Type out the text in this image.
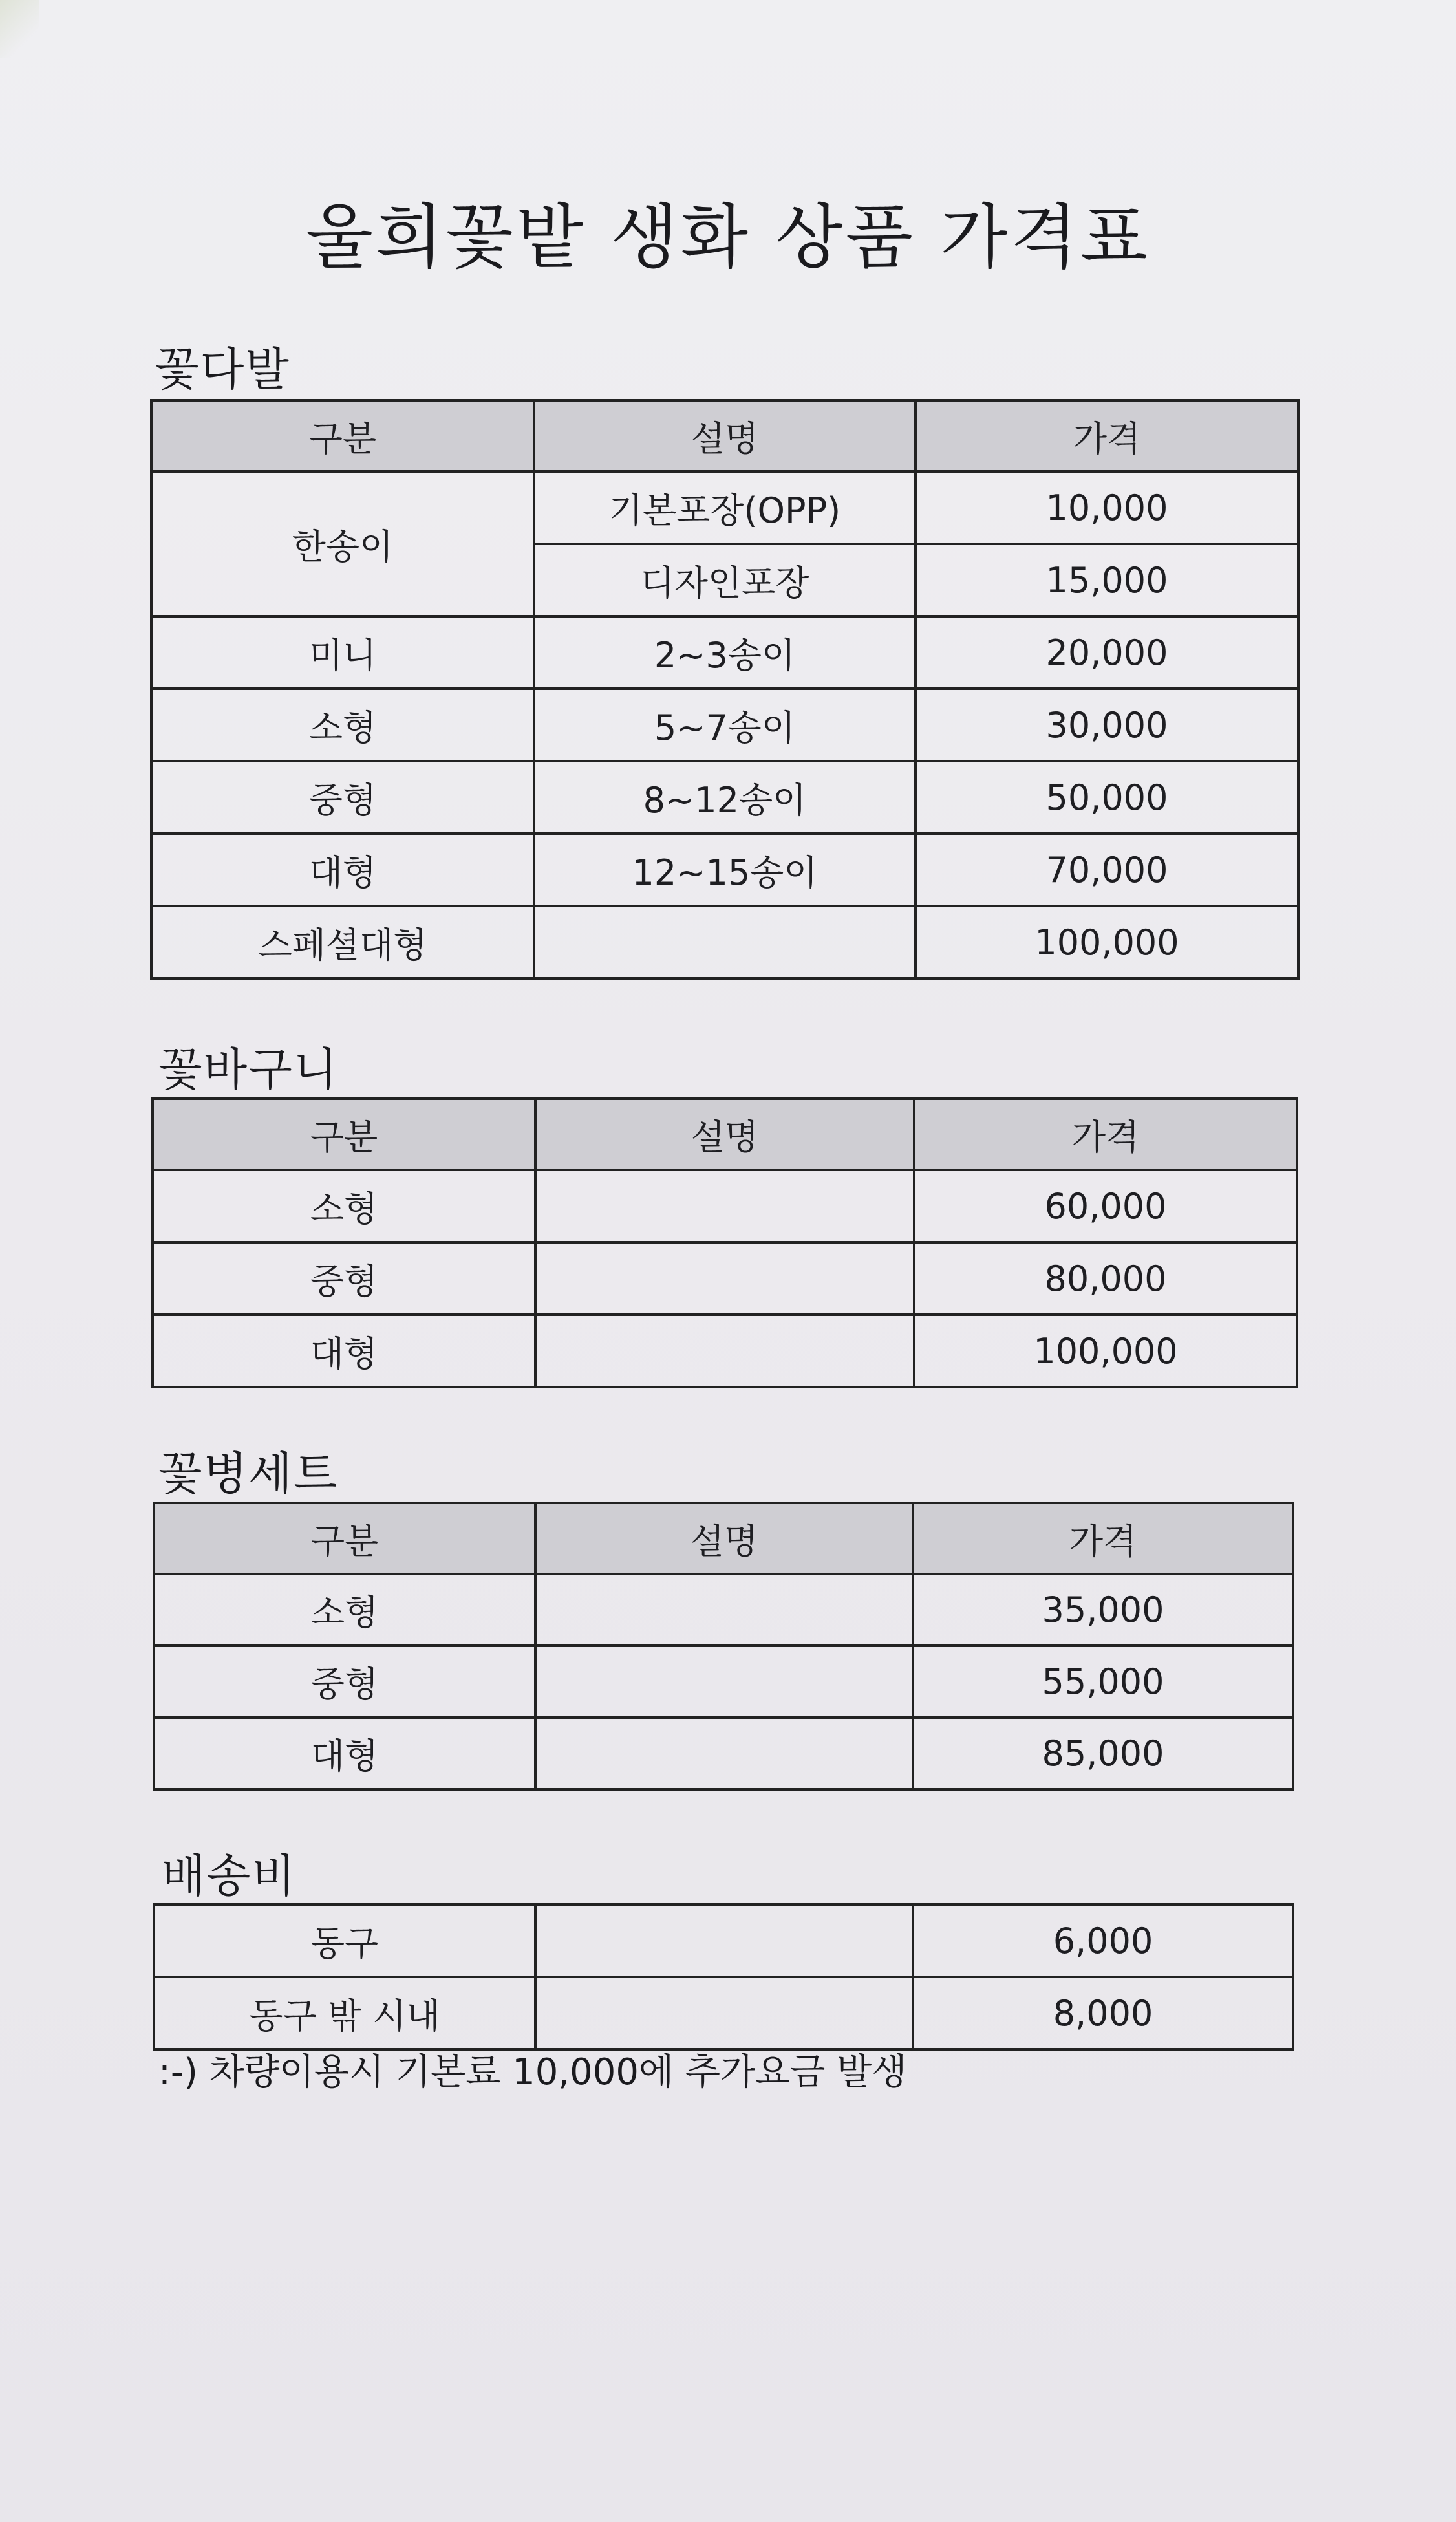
울희꽃밭 생화 상품 가격표
꽃다발
구분	설명	가격
한송이	기본포장(OPP)	10,000
	디자인포장	15,000
미니	2~3송이	20,000
소형	5~7송이	30,000
중형	8~12송이	50,000
대형	12~15송이	70,000
스페셜대형		100,000
꽃바구니
구분	설명	가격
소형		60,000
중형		80,000
대형		100,000
꽃병세트
구분	설명	가격
소형		35,000
중형		55,000
대형		85,000
배송비
동구		6,000
동구 밖 시내		8,000

:-) 차량이용시 기본료 10,000에 추가요금 발생
